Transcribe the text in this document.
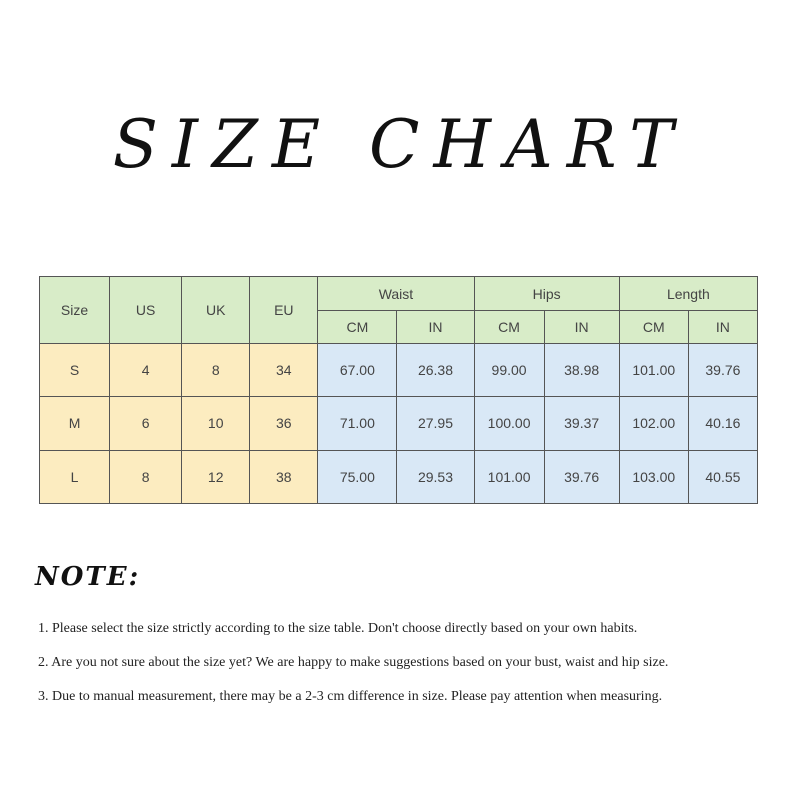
SIZE CHART
Size	US	UK	EU	Waist		Hips		Length	
				CM	IN	CM	IN	CM	IN
S	4	8	34	67.00	26.38	99.00	38.98	101.00	39.76
M	6	10	36	71.00	27.95	100.00	39.37	102.00	40.16
L	8	12	38	75.00	29.53	101.00	39.76	103.00	40.55
NOTE:
1. Please select the size strictly according to the size table. Don't choose directly based on your own habits.
2. Are you not sure about the size yet? We are happy to make suggestions based on your bust, waist and hip size.
3. Due to manual measurement, there may be a 2-3 cm difference in size. Please pay attention when measuring.
